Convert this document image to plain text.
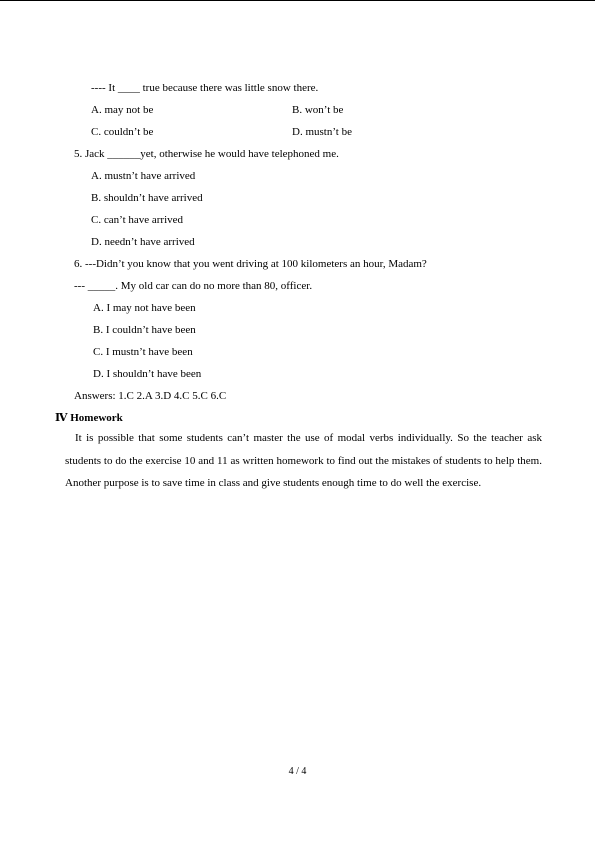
---- It ____ true because there was little snow there.
A. may not be	B. won’t be
C. couldn’t be	D. mustn’t be
5. Jack ______yet, otherwise he would have telephoned me.
A. mustn’t have arrived
B. shouldn’t have arrived
C. can’t have arrived
D. needn’t have arrived
6. ---Didn’t you know that you went driving at 100 kilometers an hour, Madam?
--- _____. My old car can do no more than 80, officer.
A. I may not have been
B. I couldn’t have been
C. I mustn’t have been
D. I shouldn’t have been
Answers: 1.C 2.A 3.D 4.C 5.C 6.C
Ⅳ Homework
It is possible that some students can’t master the use of modal verbs individually. So the teacher ask students to do the exercise 10 and 11 as written homework to find out the mistakes of students to help them. Another purpose is to save time in class and give students enough time to do well the exercise.
4 / 4
